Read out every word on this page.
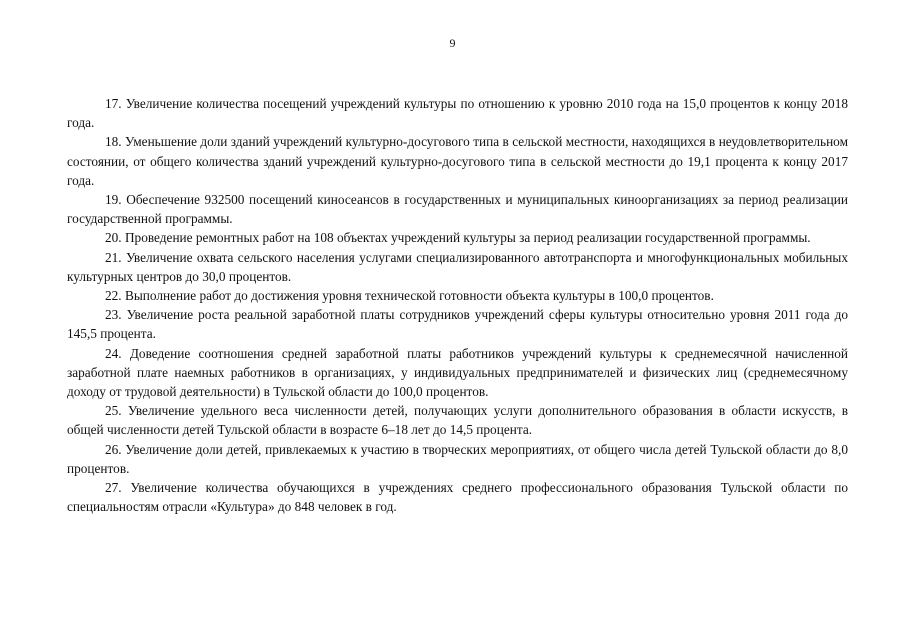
9

17. Увеличение количества посещений учреждений культуры по отношению к уровню 2010 года на 15,0 процентов к концу 2018 года.

18. Уменьшение доли зданий учреждений культурно-досугового типа в сельской местности, находящихся в неудовлетворительном состоянии, от общего количества зданий учреждений культурно-досугового типа в сельской местности до 19,1 процента к концу 2017 года.

19. Обеспечение 932500 посещений киносеансов в государственных и муниципальных киноорганизациях за период реализации государственной программы.

20. Проведение ремонтных работ на 108 объектах учреждений культуры за период реализации государственной программы.

21. Увеличение охвата сельского населения услугами специализированного автотранспорта и многофункциональных мобильных культурных центров до 30,0 процентов.

22. Выполнение работ до достижения уровня технической готовности объекта культуры в 100,0 процентов.

23. Увеличение роста реальной заработной платы сотрудников учреждений сферы культуры относительно уровня 2011 года до 145,5 процента.

24. Доведение соотношения средней заработной платы работников учреждений культуры к среднемесячной начисленной заработной плате наемных работников в организациях, у индивидуальных предпринимателей и физических лиц (среднемесячному доходу от трудовой деятельности) в Тульской области до 100,0 процентов.

25. Увеличение удельного веса численности детей, получающих услуги дополнительного образования в области искусств, в общей численности детей Тульской области в возрасте 6–18 лет до 14,5 процента.

26. Увеличение доли детей, привлекаемых к участию в творческих мероприятиях, от общего числа детей Тульской области до 8,0 процентов.

27. Увеличение количества обучающихся в учреждениях среднего профессионального образования Тульской области по специальностям отрасли «Культура» до 848 человек в год.
